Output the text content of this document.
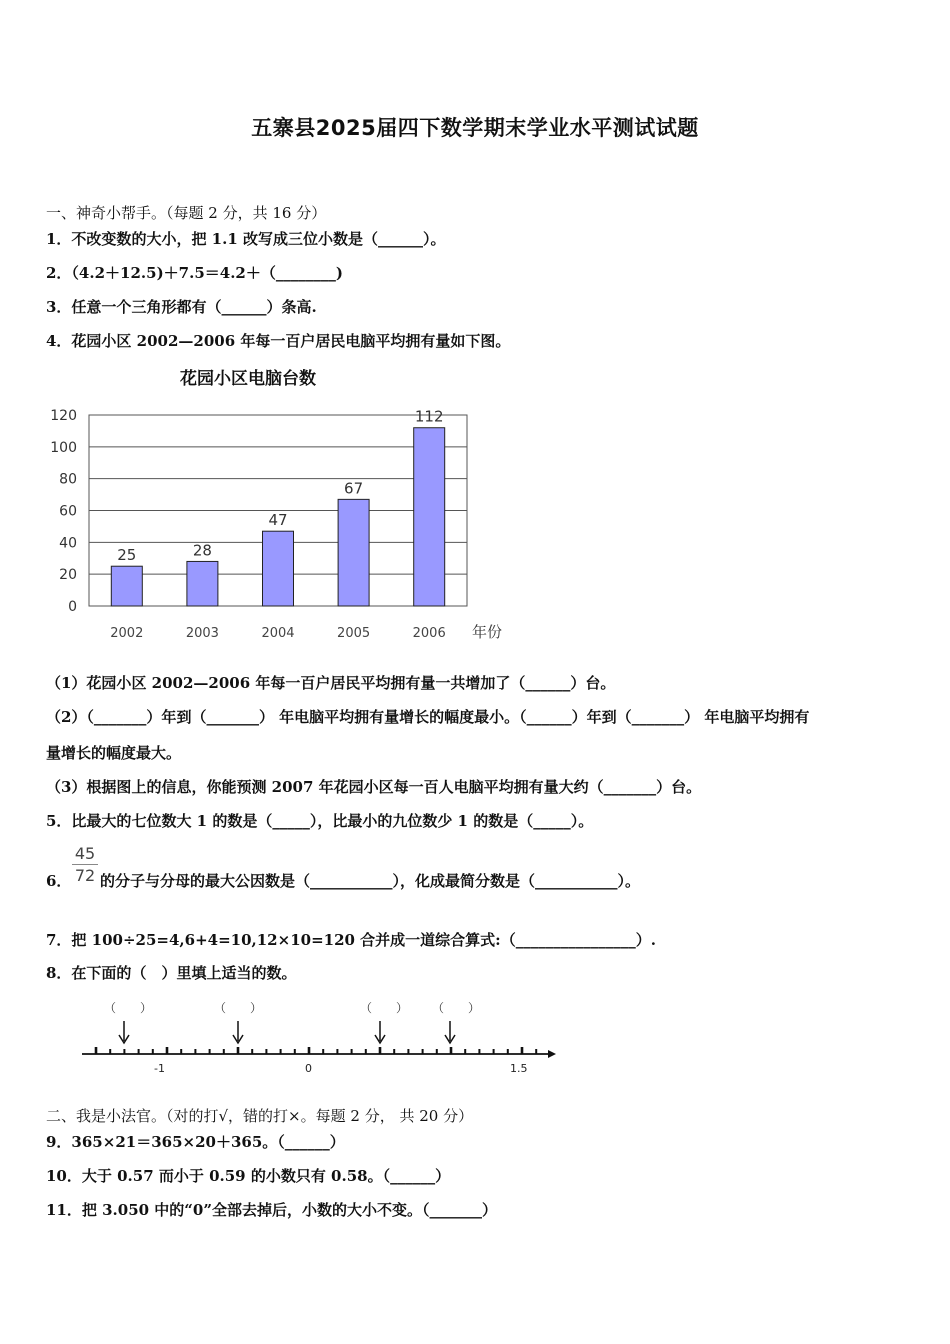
五寨县2025届四下数学期末学业水平测试试题
一、神奇小帮手。（每题 2 分，共 16 分）
1．不改变数的大小，把 1.1 改写成三位小数是（______）。
2．（4.2＋12.5)＋7.5＝4.2＋（________)
3．任意一个三角形都有（______）条高.
4．花园小区 2002—2006 年每一百户居民电脑平均拥有量如下图。
花园小区电脑台数
0
20
40
60
80
100
120
25	28
47
67
112
2002	2003	2004	2005	2006 年份
（1）花园小区 2002—2006 年每一百户居民平均拥有量一共增加了（______）台。
（2）（_______）年到（_______） 年电脑平均拥有量增长的幅度最小。（______）年到（_______） 年电脑平均拥有
量增长的幅度最大。
（3）根据图上的信息，你能预测 2007 年花园小区每一百人电脑平均拥有量大约（_______）台。
5．比最大的七位数大 1 的数是（_____），比最小的九位数少 1 的数是（_____）。
6． $\frac{45}{72}$ 的分子与分母的最大公因数是（___________），化成最简分数是（___________）。
7．把 100÷25=4,6+4=10,12×10=120 合并成一道综合算式:（________________）.
8．在下面的（　）里填上适当的数。
（　　）	（　　）	（　　） （　　）
-1	0	1.5
二、我是小法官。（对的打√，错的打×。每题 2 分， 共 20 分）
9．365×21＝365×20＋365。（______）
10．大于 0.57 而小于 0.59 的小数只有 0.58。（______）
11．把 3.050 中的“0”全部去掉后，小数的大小不变。（_______）
